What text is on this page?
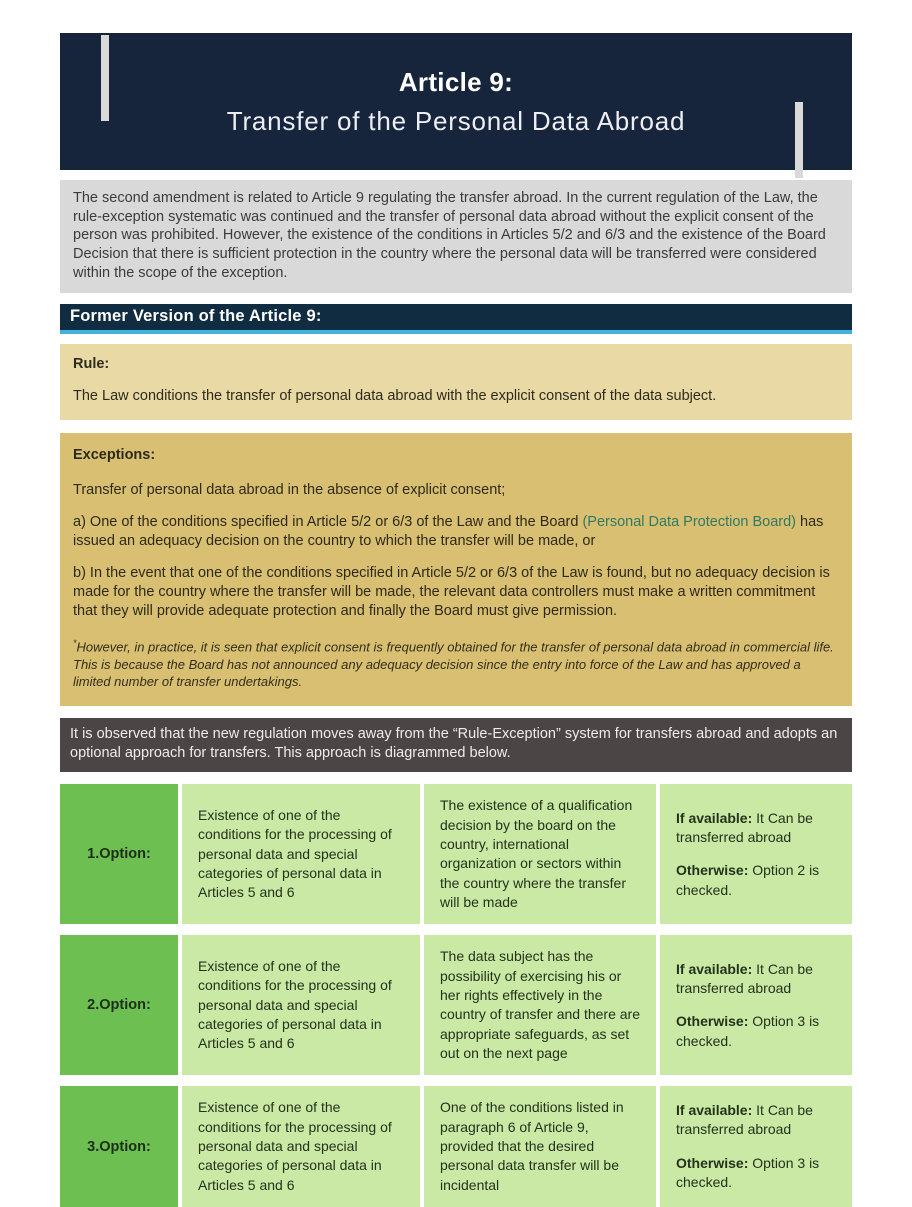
Article 9:
Transfer of the Personal Data Abroad
The second amendment is related to Article 9 regulating the transfer abroad. In the current regulation of the Law, the rule-exception systematic was continued and the transfer of personal data abroad without the explicit consent of the person was prohibited. However, the existence of the conditions in Articles 5/2 and 6/3 and the existence of the Board Decision that there is sufficient protection in the country where the personal data will be transferred were considered within the scope of the exception.
Former Version of the Article 9:
Rule:
The Law conditions the transfer of personal data abroad with the explicit consent of the data subject.
Exceptions:

Transfer of personal data abroad in the absence of explicit consent;

a) One of the conditions specified in Article 5/2 or 6/3 of the Law and the Board (Personal Data Protection Board) has issued an adequacy decision on the country to which the transfer will be made, or

b) In the event that one of the conditions specified in Article 5/2 or 6/3 of the Law is found, but no adequacy decision is made for the country where the transfer will be made, the relevant data controllers must make a written commitment that they will provide adequate protection and finally the Board must give permission.

*However, in practice, it is seen that explicit consent is frequently obtained for the transfer of personal data abroad in commercial life. This is because the Board has not announced any adequacy decision since the entry into force of the Law and has approved a limited number of transfer undertakings.

It is observed that the new regulation moves away from the “Rule-Exception” system for transfers abroad and adopts an optional approach for transfers. This approach is diagrammed below.
1.Option:
Existence of one of the conditions for the processing of personal data and special categories of personal data in Articles 5 and 6
The existence of a qualification decision by the board on the country, international organization or sectors within the country where the transfer will be made
If available: It Can be transferred abroad
Otherwise: Option 2 is checked.
2.Option:
Existence of one of the conditions for the processing of personal data and special categories of personal data in Articles 5 and 6
The data subject has the possibility of exercising his or her rights effectively in the country of transfer and there are appropriate safeguards, as set out on the next page
If available: It Can be transferred abroad
Otherwise: Option 3 is checked.
3.Option:
Existence of one of the conditions for the processing of personal data and special categories of personal data in Articles 5 and 6
One of the conditions listed in paragraph 6 of Article 9, provided that the desired personal data transfer will be incidental
If available: It Can be transferred abroad
Otherwise: Option 3 is checked.
